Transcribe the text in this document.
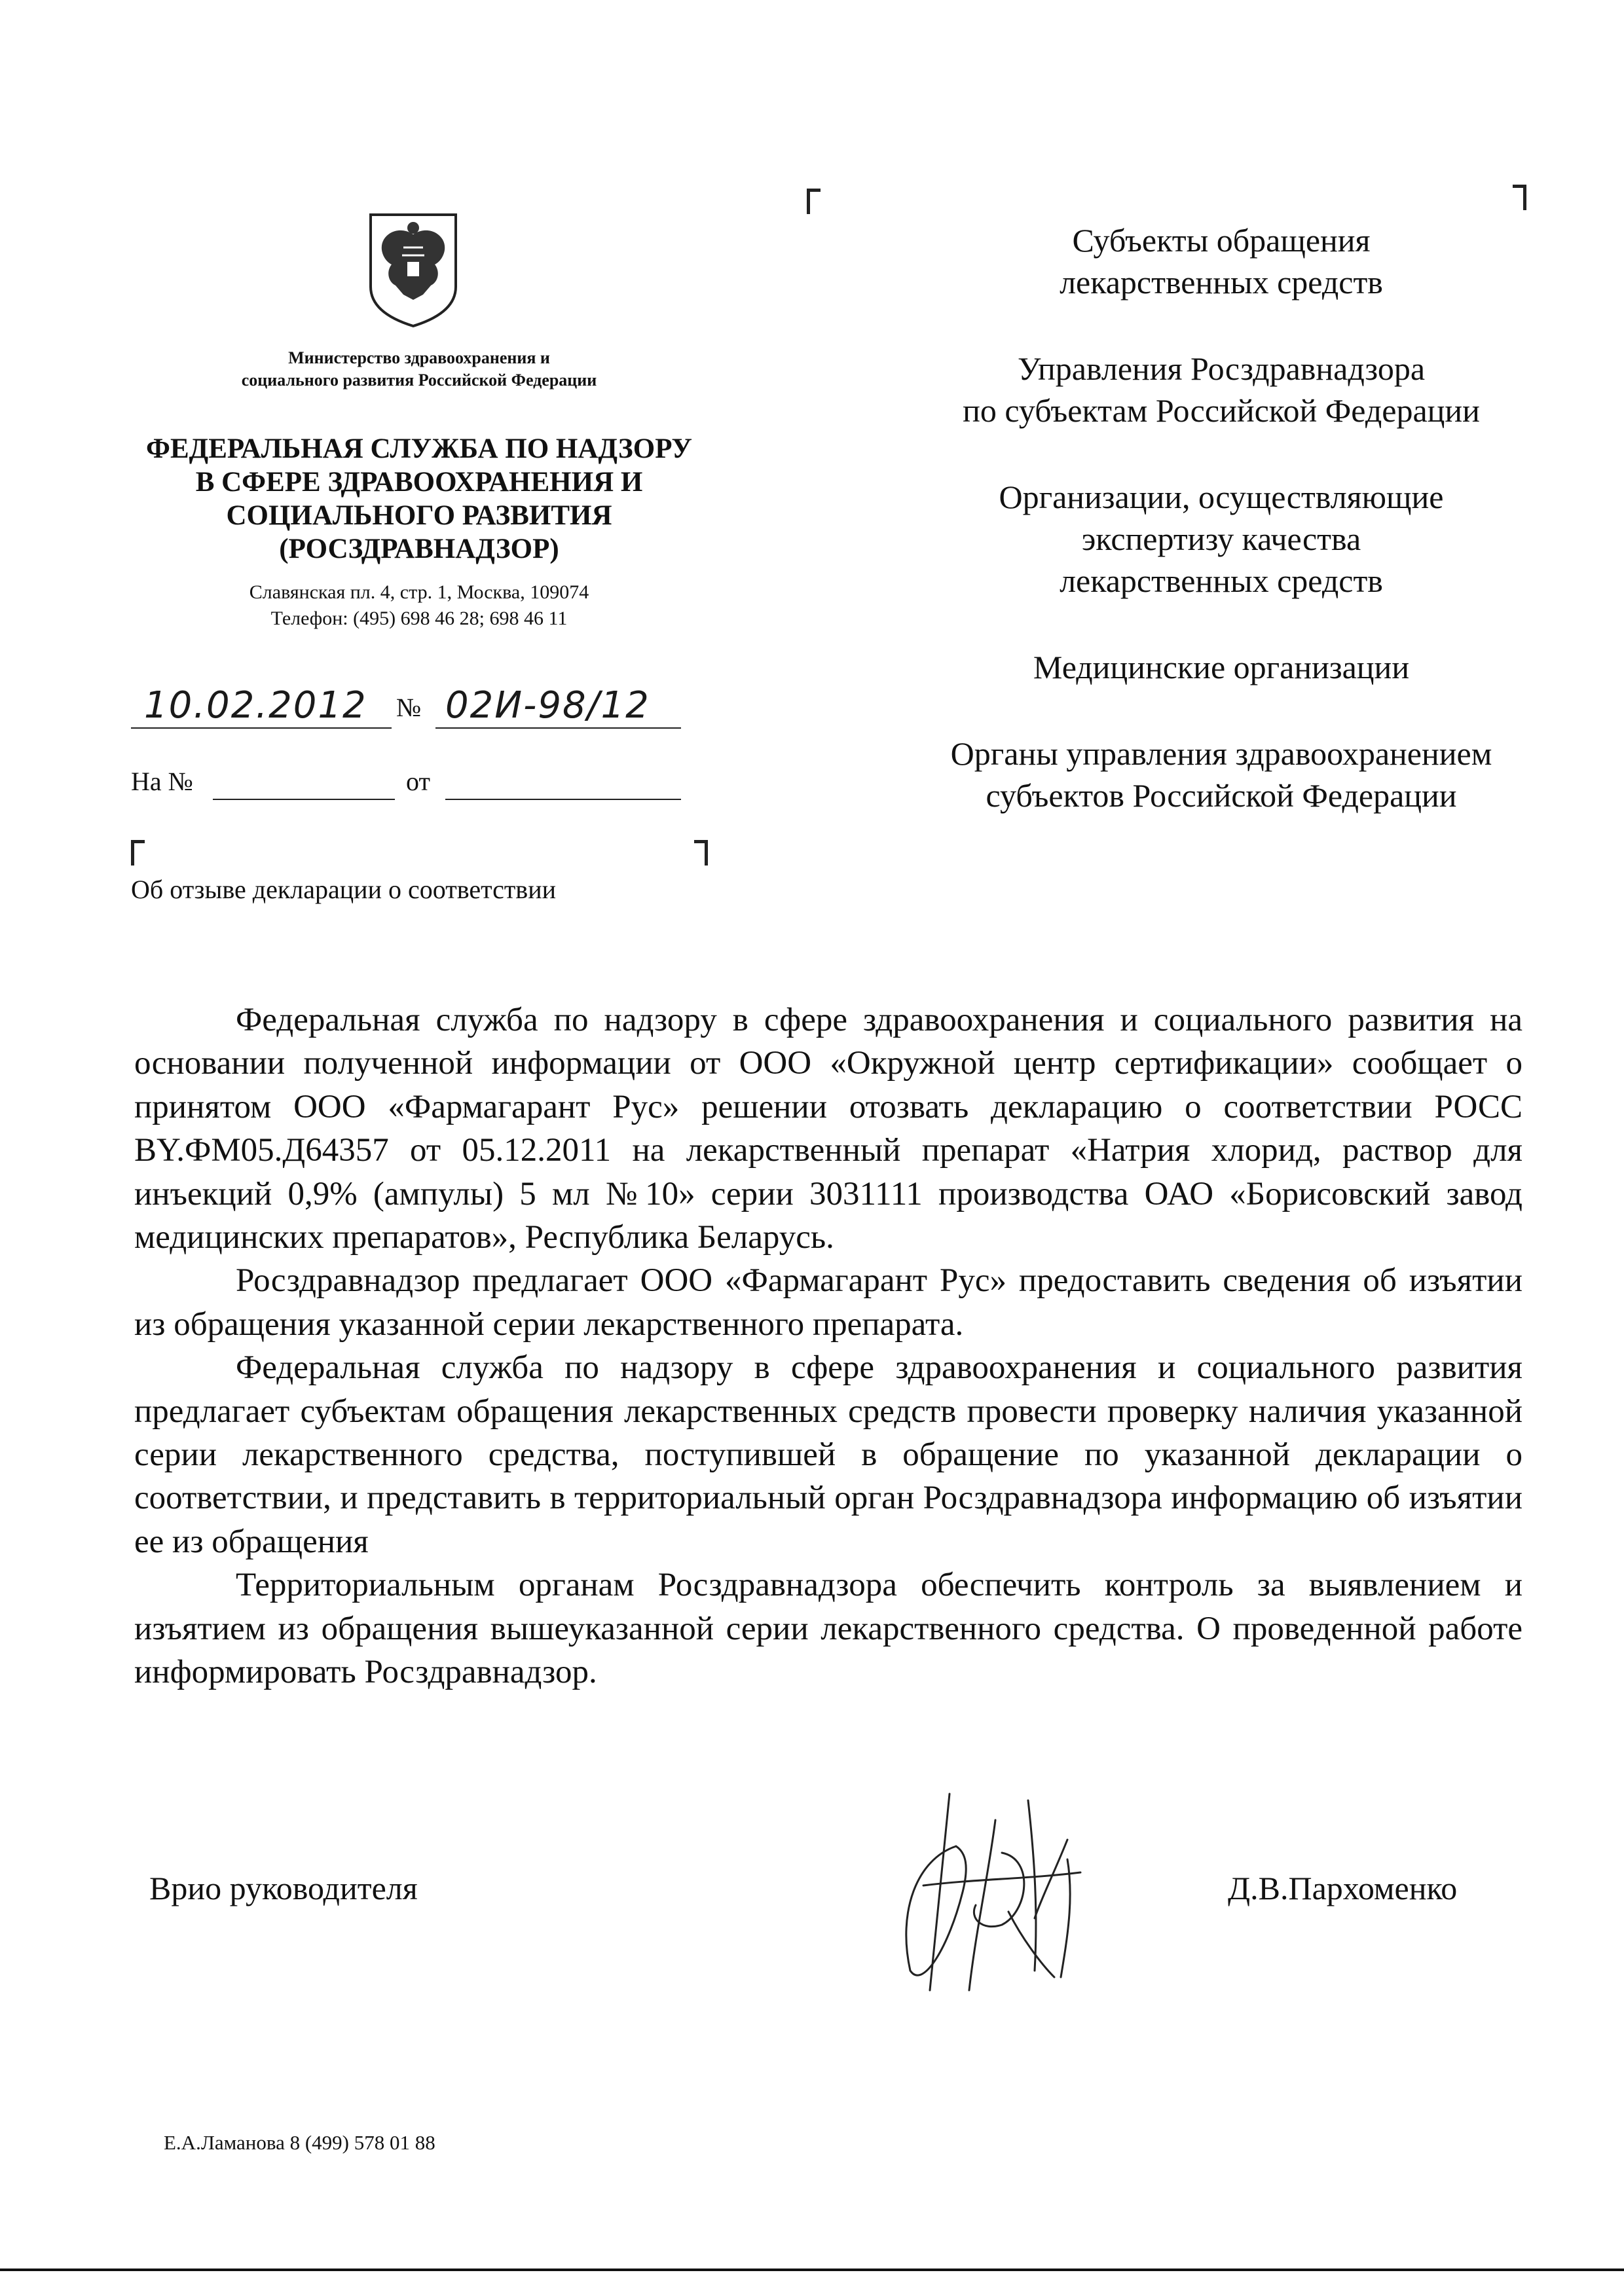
Министерство здравоохранения и
социального развития Российской Федерации
ФЕДЕРАЛЬНАЯ СЛУЖБА ПО НАДЗОРУ
В СФЕРЕ ЗДРАВООХРАНЕНИЯ И
СОЦИАЛЬНОГО РАЗВИТИЯ
(РОСЗДРАВНАДЗОР)
Славянская пл. 4, стр. 1, Москва, 109074
Телефон: (495) 698 46 28; 698 46 11
10.02.2012 № 02И-98/12
На №	от
Об отзыве декларации о соответствии
Субъекты обращения
лекарственных средств
Управления Росздравнадзора
по субъектам Российской Федерации
Организации, осуществляющие
экспертизу качества
лекарственных средств
Медицинские организации
Органы управления здравоохранением
субъектов Российской Федерации

Федеральная служба по надзору в сфере здравоохранения и социального развития на основании полученной информации от ООО «Окружной центр сертификации» сообщает о принятом ООО «Фармагарант Рус» решении отозвать декларацию о соответствии РОСС BY.ФМ05.Д64357 от 05.12.2011 на лекарственный препарат «Натрия хлорид, раствор для инъекций 0,9% (ампулы) 5 мл №10» серии 3031111 производства ОАО «Борисовский завод медицинских препаратов», Республика Беларусь.

Росздравнадзор предлагает ООО «Фармагарант Рус» предоставить сведения об изъятии из обращения указанной серии лекарственного препарата.

Федеральная служба по надзору в сфере здравоохранения и социального развития предлагает субъектам обращения лекарственных средств провести проверку наличия указанной серии лекарственного средства, поступившей в обращение по указанной декларации о соответствии, и представить в территориальный орган Росздравнадзора информацию об изъятии ее из обращения

Территориальным органам Росздравнадзора обеспечить контроль за выявлением и изъятием из обращения вышеуказанной серии лекарственного средства. О проведенной работе информировать Росздравнадзор.

Врио руководителя	Д.В.Пархоменко
Е.А.Ламанова 8 (499) 578 01 88
